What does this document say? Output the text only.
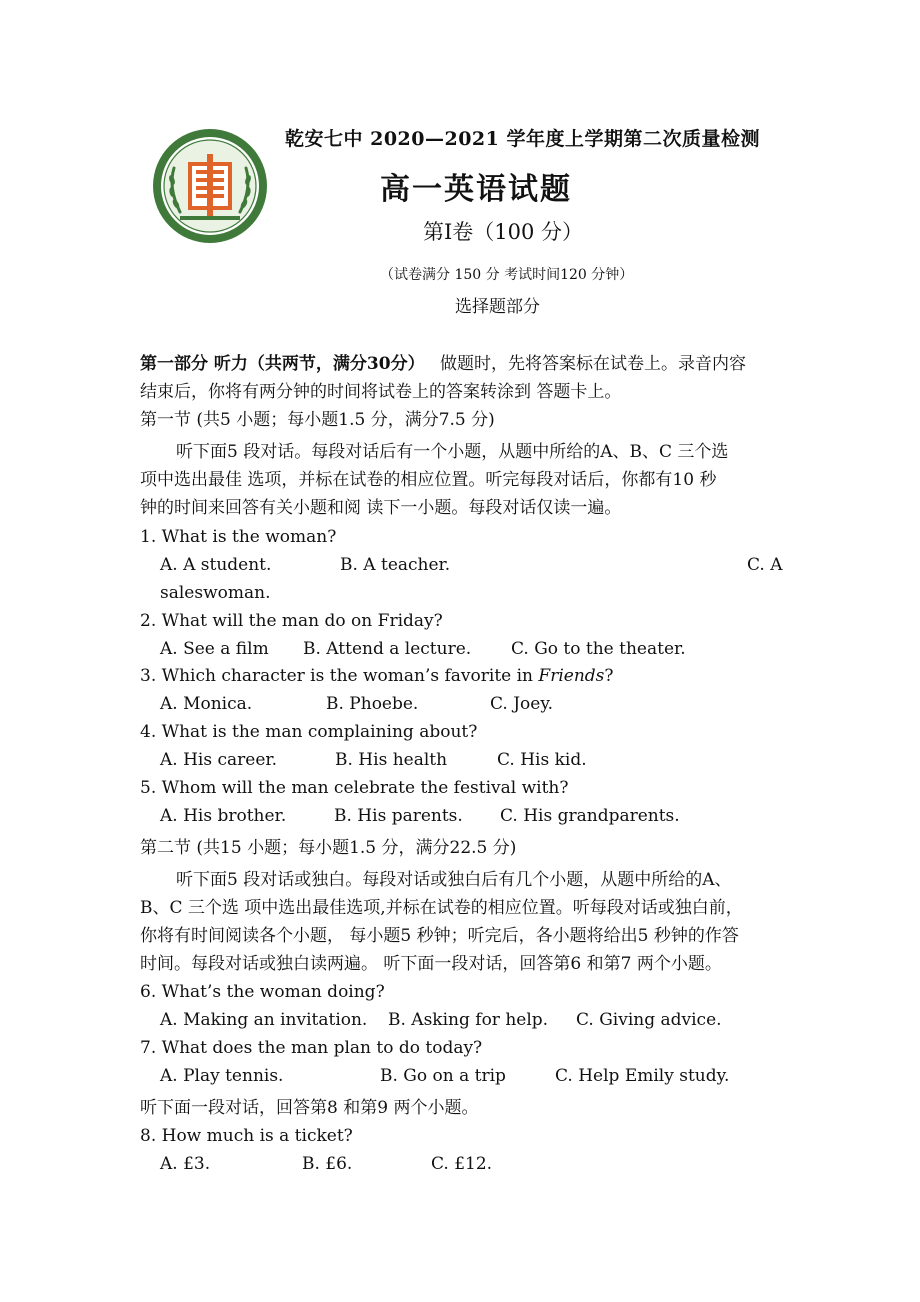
乾安七中 2020—2021 学年度上学期第二次质量检测
高一英语试题
第I卷（100 分）
（试卷满分 150 分 考试时间120 分钟）
选择题部分
第一部分 听力（共两节，满分30分） 做题时，先将答案标在试卷上。录音内容
结束后，你将有两分钟的时间将试卷上的答案转涂到 答题卡上。
第一节 (共5 小题；每小题1.5 分，满分7.5 分)
听下面5 段对话。每段对话后有一个小题，从题中所给的A、B、C 三个选
项中选出最佳 选项，并标在试卷的相应位置。听完每段对话后，你都有10 秒
钟的时间来回答有关小题和阅 读下一小题。每段对话仅读一遍。
1. What is the woman?
A. A student.	B. A teacher.	C. A
saleswoman.
2. What will the man do on Friday?
A. See a film B. Attend a lecture. C. Go to the theater.
3. Which character is the woman’s favorite in Friends?
A. Monica.	B. Phoebe.	C. Joey.
4. What is the man complaining about?
A. His career.	B. His health	C. His kid.
5. Whom will the man celebrate the festival with?
A. His brother.	B. His parents. C. His grandparents.
第二节 (共15 小题；每小题1.5 分，满分22.5 分)
听下面5 段对话或独白。每段对话或独白后有几个小题，从题中所给的A、
B、C 三个选 项中选出最佳选项,并标在试卷的相应位置。听每段对话或独白前，
你将有时间阅读各个小题， 每小题5 秒钟；听完后，各小题将给出5 秒钟的作答
时间。每段对话或独白读两遍。 听下面一段对话，回答第6 和第7 两个小题。
6. What’s the woman doing?
A. Making an invitation. B. Asking for help. C. Giving advice.
7. What does the man plan to do today?
A. Play tennis.	B. Go on a trip	C. Help Emily study.
听下面一段对话，回答第8 和第9 两个小题。
8. How much is a ticket?
A. £3.	B. £6.	C. £12.
